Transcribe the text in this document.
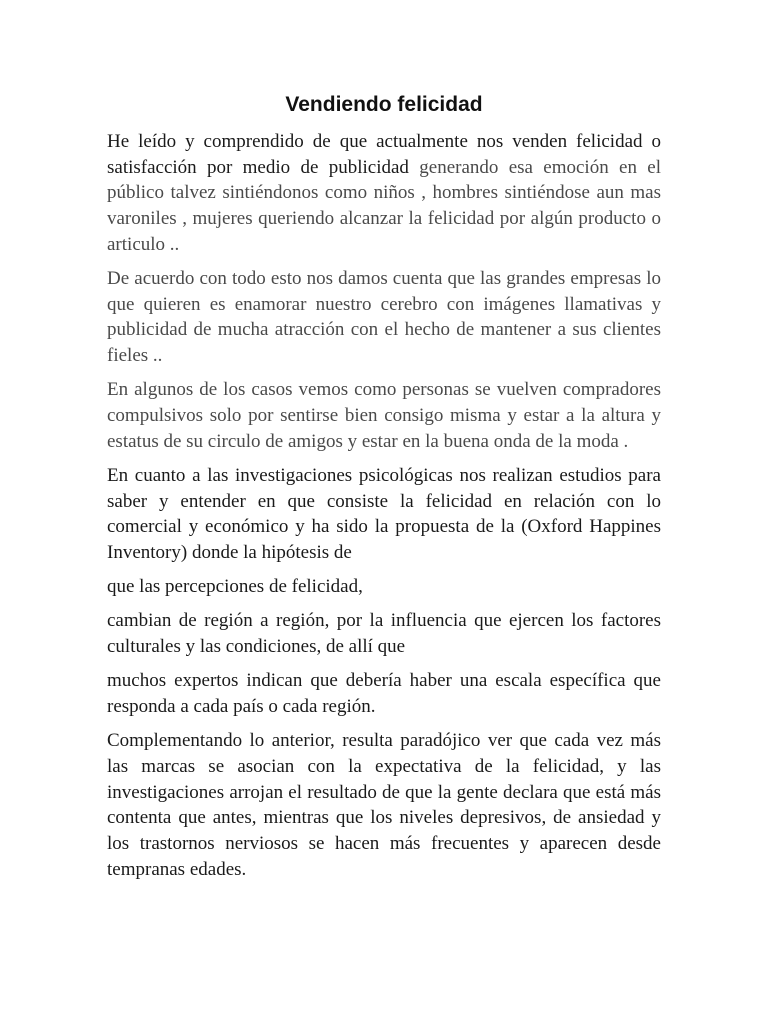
Vendiendo felicidad

He leído y comprendido de que actualmente nos venden felicidad o satisfacción por medio de publicidad generando esa emoción en el público talvez sintiéndonos como niños , hombres sintiéndose aun mas varoniles , mujeres queriendo alcanzar la felicidad por algún producto o articulo ..

De acuerdo con todo esto nos damos cuenta que las grandes empresas lo que quieren es enamorar nuestro cerebro con imágenes llamativas y publicidad de mucha atracción con el hecho de mantener a sus clientes fieles ..

En algunos de los casos vemos como personas se vuelven compradores compulsivos solo por sentirse bien consigo misma y estar a la altura y estatus de su circulo de amigos y estar en la buena onda de la moda .

En cuanto a las investigaciones psicológicas nos realizan estudios para saber y entender en que consiste la felicidad en relación con lo comercial y económico y ha sido la propuesta de la (Oxford Happines Inventory) donde la hipótesis de

que las percepciones de felicidad,

cambian de región a región, por la influencia que ejercen los factores culturales y las condiciones, de allí que

muchos expertos indican que debería haber una escala específica que responda a cada país o cada región.

Complementando lo anterior, resulta paradójico ver que cada vez más las marcas se asocian con la expectativa de la felicidad, y las investigaciones arrojan el resultado de que la gente declara que está más contenta que antes, mientras que los niveles depresivos, de ansiedad y los trastornos nerviosos se hacen más frecuentes y aparecen desde tempranas edades.
